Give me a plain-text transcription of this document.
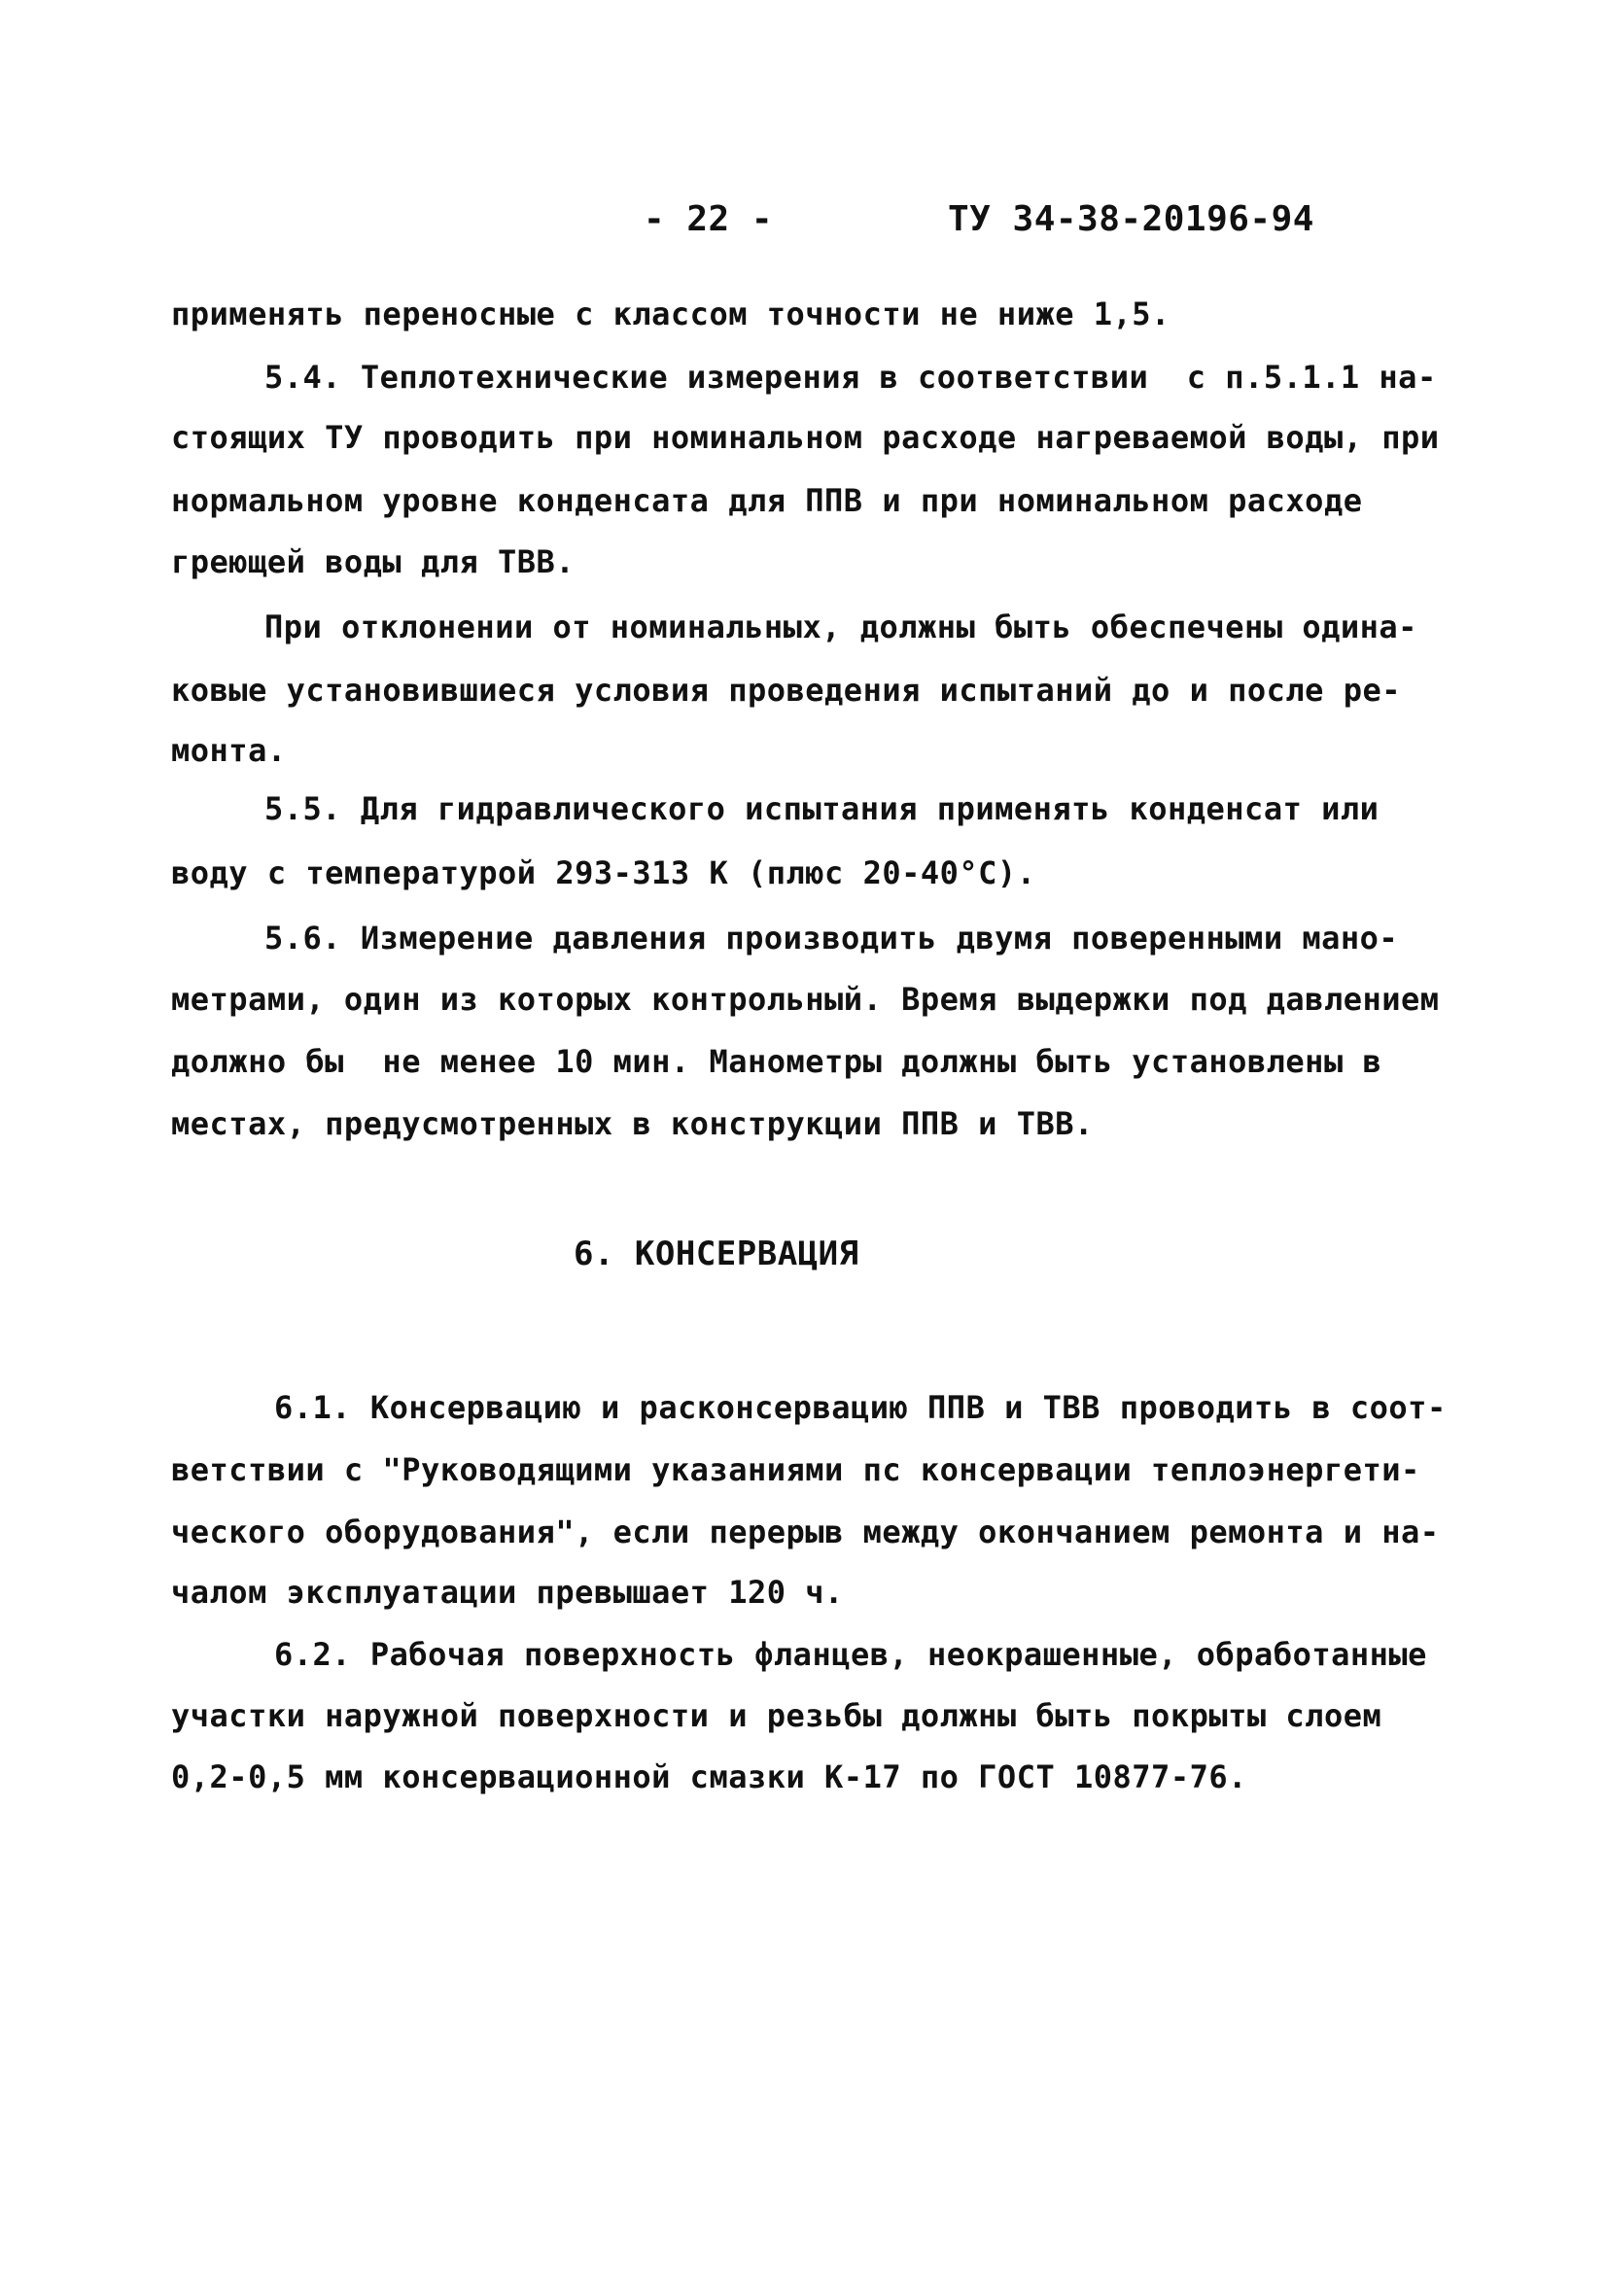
- 22 -	ТУ 34-38-20196-94
применять переносные с классом точности не ниже 1,5.
5.4. Теплотехнические измерения в соответствии  с п.5.1.1 на-
стоящих ТУ проводить при номинальном расходе нагреваемой воды, при
нормальном уровне конденсата для ППВ и при номинальном расходе
греющей воды для ТВВ.
При отклонении от номинальных, должны быть обеспечены одина-
ковые установившиеся условия проведения испытаний до и после ре-
монта.
5.5. Для гидравлического испытания применять конденсат или
воду с температурой 293-313 К (плюс 20-40°С).
5.6. Измерение давления производить двумя поверенными мано-
метрами, один из которых контрольный. Время выдержки под давлением
должно бы  не менее 10 мин. Манометры должны быть установлены в
местах, предусмотренных в конструкции ППВ и ТВВ.
6. КОНСЕРВАЦИЯ
6.1. Консервацию и расконсервацию ППВ и ТВВ проводить в соот-
ветствии с "Руководящими указаниями пс консервации теплоэнергети-
ческого оборудования", если перерыв между окончанием ремонта и на-
чалом эксплуатации превышает 120 ч.
6.2. Рабочая поверхность фланцев, неокрашенные, обработанные
участки наружной поверхности и резьбы должны быть покрыты слоем
0,2-0,5 мм консервационной смазки К-17 по ГОСТ 10877-76.
